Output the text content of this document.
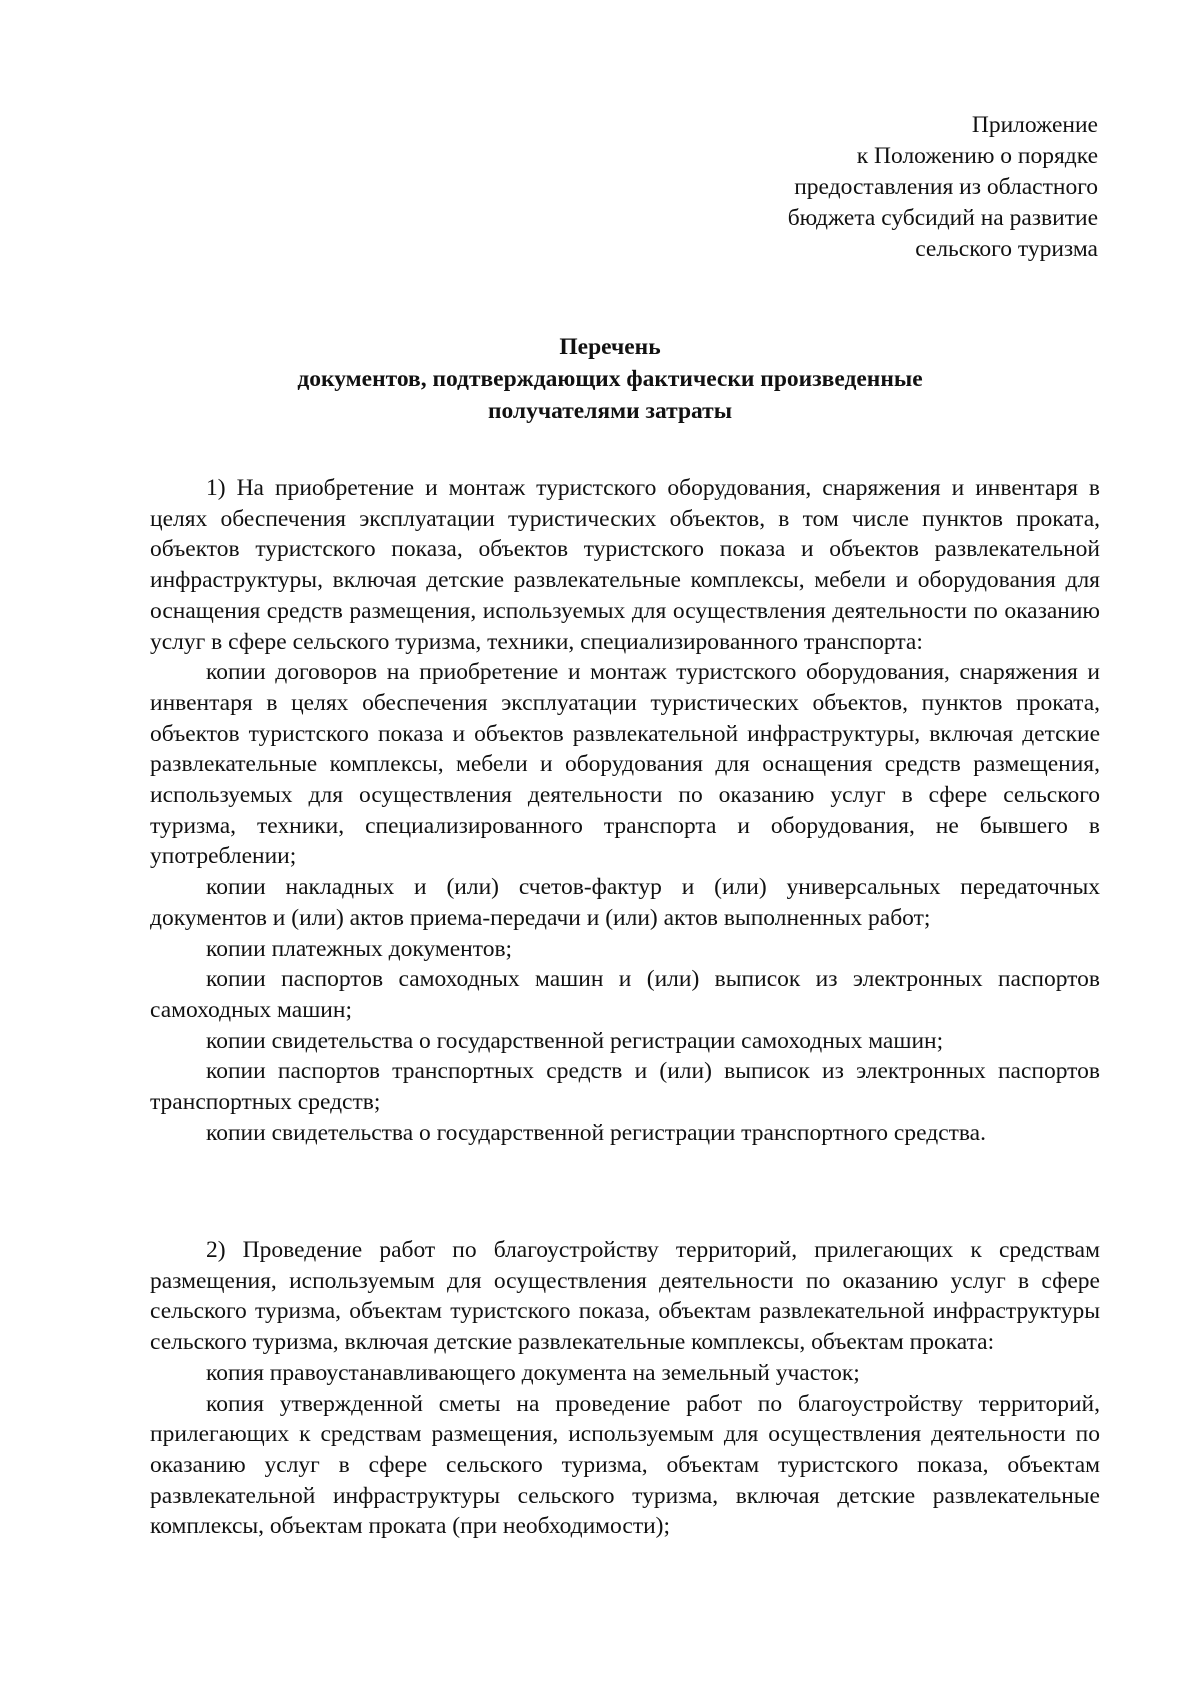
Приложение
к Положению о порядке
предоставления из областного
бюджета субсидий на развитие
сельского туризма
Перечень
документов, подтверждающих фактически произведенные
получателями затраты

1) На приобретение и монтаж туристского оборудования, снаряжения и инвентаря в целях обеспечения эксплуатации туристических объектов, в том числе пунктов проката, объектов туристского показа, объектов туристского показа и объектов развлекательной инфраструктуры, включая детские развлекательные комплексы, мебели и оборудования для оснащения средств размещения, используемых для осуществления деятельности по оказанию услуг в сфере сельского туризма, техники, специализированного транспорта:

копии договоров на приобретение и монтаж туристского оборудования, снаряжения и инвентаря в целях обеспечения эксплуатации туристических объектов, пунктов проката, объектов туристского показа и объектов развлекательной инфраструктуры, включая детские развлекательные комплексы, мебели и оборудования для оснащения средств размещения, используемых для осуществления деятельности по оказанию услуг в сфере сельского туризма, техники, специализированного транспорта и оборудования, не бывшего в употреблении;

копии накладных и (или) счетов-фактур и (или) универсальных передаточных документов и (или) актов приема-передачи и (или) актов выполненных работ;

копии платежных документов;

копии паспортов самоходных машин и (или) выписок из электронных паспортов самоходных машин;

копии свидетельства о государственной регистрации самоходных машин;

копии паспортов транспортных средств и (или) выписок из электронных паспортов транспортных средств;

копии свидетельства о государственной регистрации транспортного средства.

2) Проведение работ по благоустройству территорий, прилегающих к средствам размещения, используемым для осуществления деятельности по оказанию услуг в сфере сельского туризма, объектам туристского показа, объектам развлекательной инфраструктуры сельского туризма, включая детские развлекательные комплексы, объектам проката:

копия правоустанавливающего документа на земельный участок;

копия утвержденной сметы на проведение работ по благоустройству территорий, прилегающих к средствам размещения, используемым для осуществления деятельности по оказанию услуг в сфере сельского туризма, объектам туристского показа, объектам развлекательной инфраструктуры сельского туризма, включая детские развлекательные комплексы, объектам проката (при необходимости);
